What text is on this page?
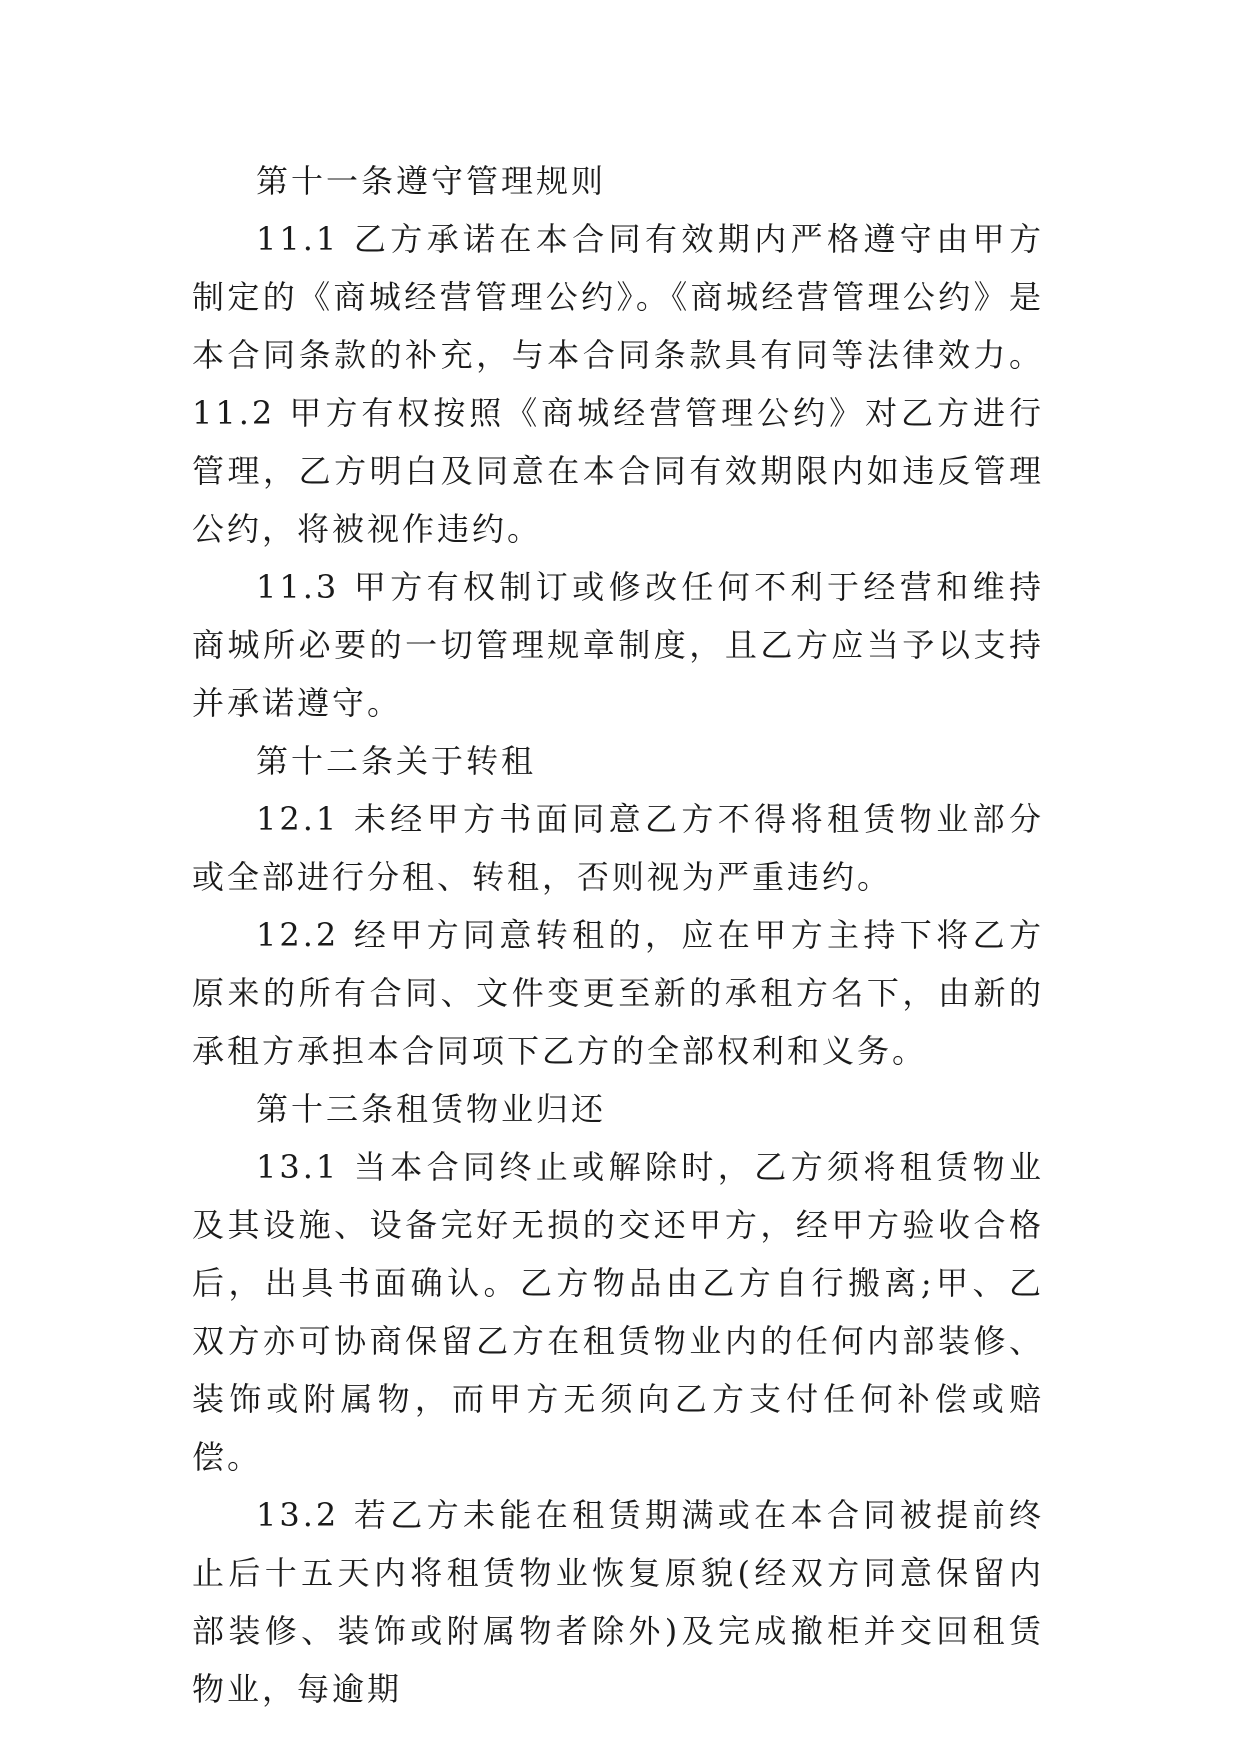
第十一条遵守管理规则

11.1 乙方承诺在本合同有效期内严格遵守由甲方制定的《商城经营管理公约》。《商城经营管理公约》是本合同条款的补充，与本合同条款具有同等法律效力。11.2 甲方有权按照《商城经营管理公约》对乙方进行管理，乙方明白及同意在本合同有效期限内如违反管理公约，将被视作违约。

11.3 甲方有权制订或修改任何不利于经营和维持商城所必要的一切管理规章制度，且乙方应当予以支持并承诺遵守。

第十二条关于转租

12.1 未经甲方书面同意乙方不得将租赁物业部分或全部进行分租、转租，否则视为严重违约。

12.2 经甲方同意转租的，应在甲方主持下将乙方原来的所有合同、文件变更至新的承租方名下，由新的承租方承担本合同项下乙方的全部权利和义务。

第十三条租赁物业归还

13.1 当本合同终止或解除时，乙方须将租赁物业及其设施、设备完好无损的交还甲方，经甲方验收合格后，出具书面确认。乙方物品由乙方自行搬离;甲、乙双方亦可协商保留乙方在租赁物业内的任何内部装修、装饰或附属物，而甲方无须向乙方支付任何补偿或赔偿。

13.2 若乙方未能在租赁期满或在本合同被提前终止后十五天内将租赁物业恢复原貌(经双方同意保留内部装修、装饰或附属物者除外)及完成撤柜并交回租赁物业，每逾期
